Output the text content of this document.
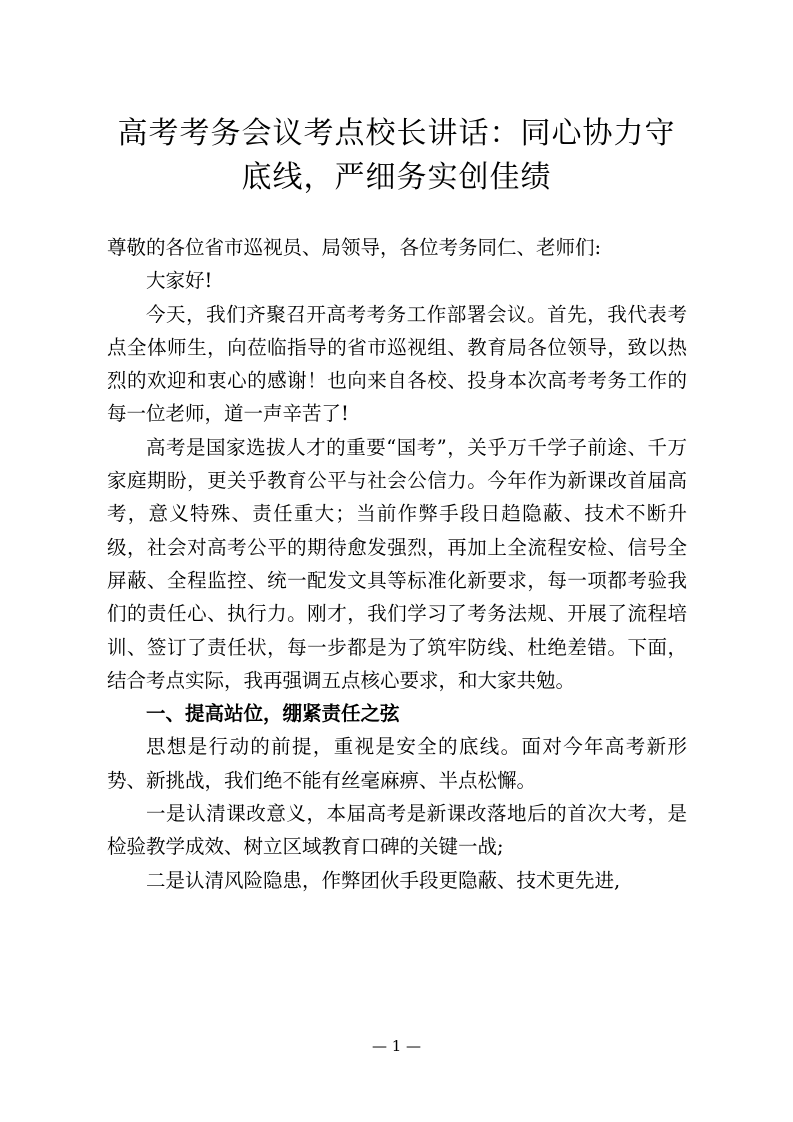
高考考务会议考点校长讲话：同心协力守
底线，严细务实创佳绩

尊敬的各位省市巡视员、局领导，各位考务同仁、老师们:

大家好!

今天，我们齐聚召开高考考务工作部署会议。首先，我代表考点全体师生，向莅临指导的省市巡视组、教育局各位领导，致以热烈的欢迎和衷心的感谢！也向来自各校、投身本次高考考务工作的每一位老师，道一声辛苦了!

高考是国家选拔人才的重要“国考”，关乎万千学子前途、千万家庭期盼，更关乎教育公平与社会公信力。今年作为新课改首届高考，意义特殊、责任重大；当前作弊手段日趋隐蔽、技术不断升级，社会对高考公平的期待愈发强烈，再加上全流程安检、信号全屏蔽、全程监控、统一配发文具等标准化新要求，每一项都考验我们的责任心、执行力。刚才，我们学习了考务法规、开展了流程培训、签订了责任状，每一步都是为了筑牢防线、杜绝差错。下面，结合考点实际，我再强调五点核心要求，和大家共勉。

一、提高站位，绷紧责任之弦

思想是行动的前提，重视是安全的底线。面对今年高考新形势、新挑战，我们绝不能有丝毫麻痹、半点松懈。

一是认清课改意义，本届高考是新课改落地后的首次大考，是检验教学成效、树立区域教育口碑的关键一战;

二是认清风险隐患，作弊团伙手段更隐蔽、技术更先进,

— 1 —
